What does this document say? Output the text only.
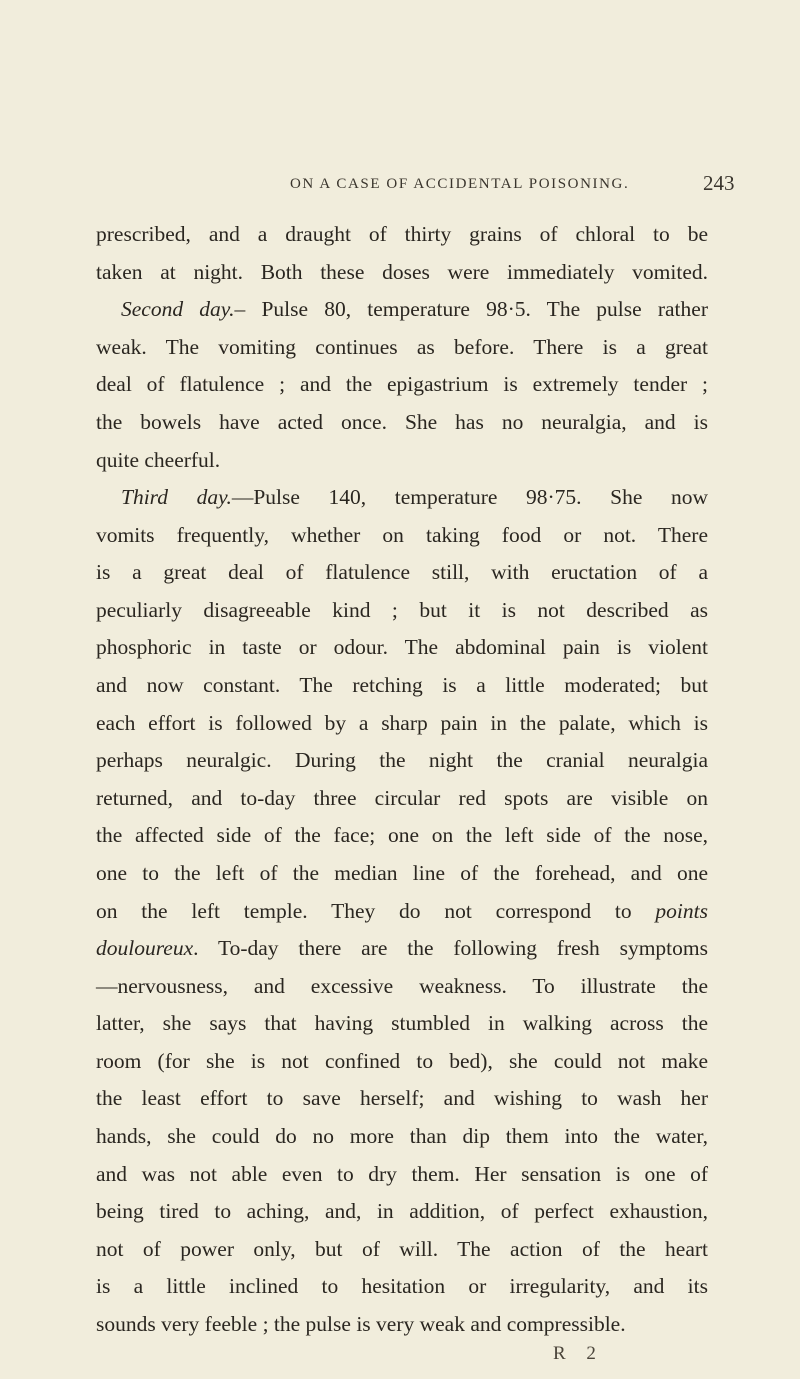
ON A CASE OF ACCIDENTAL POISONING.	243
prescribed, and a draught of thirty grains of chloral to be
taken at night. Both these doses were immediately vomited.
Second day.– Pulse 80, temperature 98·5. The pulse rather
weak. The vomiting continues as before. There is a great
deal of flatulence ; and the epigastrium is extremely tender ;
the bowels have acted once. She has no neuralgia, and is
quite cheerful.
Third day.—Pulse 140, temperature 98·75. She now
vomits frequently, whether on taking food or not. There
is a great deal of flatulence still, with eructation of a
peculiarly disagreeable kind ; but it is not described as
phosphoric in taste or odour. The abdominal pain is violent
and now constant. The retching is a little moderated; but
each effort is followed by a sharp pain in the palate, which is
perhaps neuralgic. During the night the cranial neuralgia
returned, and to-day three circular red spots are visible on
the affected side of the face; one on the left side of the nose,
one to the left of the median line of the forehead, and one
on the left temple. They do not correspond to points
douloureux. To-day there are the following fresh symptoms
—nervousness, and excessive weakness. To illustrate the
latter, she says that having stumbled in walking across the
room (for she is not confined to bed), she could not make
the least effort to save herself; and wishing to wash her
hands, she could do no more than dip them into the water,
and was not able even to dry them. Her sensation is one of
being tired to aching, and, in addition, of perfect exhaustion,
not of power only, but of will. The action of the heart
is a little inclined to hesitation or irregularity, and its
sounds very feeble ; the pulse is very weak and compressible.
R 2
